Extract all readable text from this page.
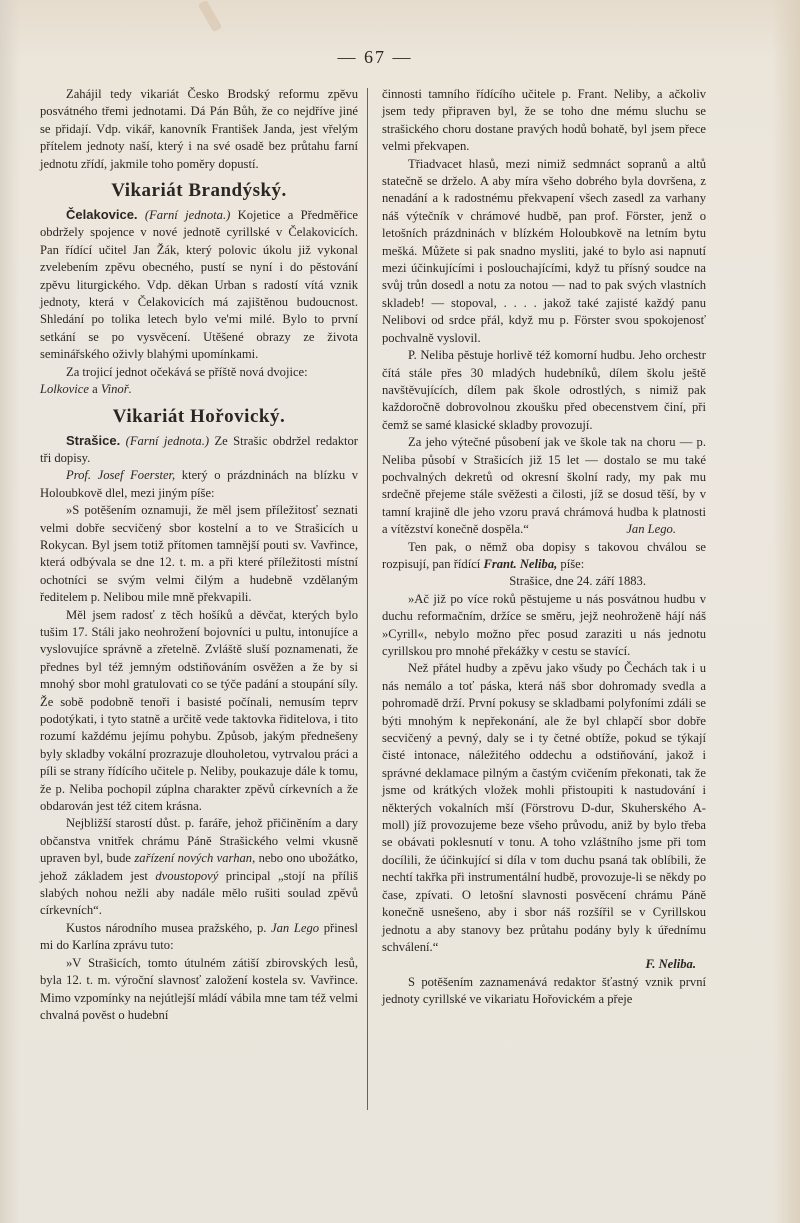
— 67 —

Zahájil tedy vikariát Česko Brodský reformu zpěvu posvátného třemi jednotami. Dá Pán Bůh, že co nejdříve jiné se přidají. Vdp. vikář, kanovník František Janda, jest vřelým přítelem jednoty naší, který i na své osadě bez průtahu farní jednotu zřídí, jakmile toho poměry dopustí.

Vikariát Brandýský.

Čelakovice. (Farní jednota.) Kojetice a Předměřice obdržely spojence v nové jednotě cyrillské v Čelakovicích. Pan řídící učitel Jan Žák, který polovic úkolu již vykonal zvelebením zpěvu obecného, pustí se nyní i do pěstování zpěvu liturgického. Vdp. děkan Urban s radostí vítá vznik jednoty, která v Čelakovicích má zajištěnou budoucnost. Shledání po tolika letech bylo ve'mi milé. Bylo to první setkání se po vysvěcení. Utěšené obrazy ze života seminářského oživly blahými upomínkami.

Za trojicí jednot očekává se příště nová dvojice:
Lolkovice a Vinoř.

Vikariát Hořovický.

Strašice. (Farní jednota.) Ze Strašic obdržel redaktor tři dopisy.

Prof. Josef Foerster, který o prázdninách na blízku v Holoubkově dlel, mezi jiným píše:

»S potěšením oznamuji, že měl jsem příležitosť seznati velmi dobře secvičený sbor kostelní a to ve Strašicích u Rokycan. Byl jsem totiž přítomen tamnější pouti sv. Vavřince, která odbývala se dne 12. t. m. a při které příležitosti místní ochotníci se svým velmi čilým a hudebně vzdělaným ředitelem p. Nelibou mile mně překvapili.

Měl jsem radosť z těch hošíků a děvčat, kterých bylo tušim 17. Stáli jako neohrožení bojovníci u pultu, intonujíce a vyslovujíce správně a zřetelně. Zvláště sluší poznamenati, že přednes byl též jemným odstiňováním osvěžen a že by si mnohý sbor mohl gratulovati co se týče padání a stoupání síly. Že sobě podobně tenoři i basisté počínali, nemusím teprv podotýkati, i tyto statně a určitě vede taktovka řiditelova, i tito rozumí každému jejímu pohybu. Způsob, jakým přednešeny byly skladby vokální prozrazuje dlouholetou, vytrvalou práci a píli se strany řídícího učitele p. Neliby, poukazuje dále k tomu, že p. Neliba pochopil zúplna charakter zpěvů církevních a že obdarován jest též citem krásna.

Nejbližší starostí důst. p. faráře, jehož přičiněním a dary občanstva vnitřek chrámu Páně Strašického velmi vkusně upraven byl, bude zařízení nových varhan, nebo ono ubožátko, jehož základem jest dvoustopový principal „stojí na příliš slabých nohou nežli aby nadále mělo rušiti soulad zpěvů církevních“.

Kustos národního musea pražského, p. Jan Lego přinesl mi do Karlína zprávu tuto:

»V Strašicích, tomto útulném zátiší zbirovských lesů, byla 12. t. m. výroční slavnosť založení kostela sv. Vavřince. Mimo vzpomínky na nejútlejší mládí vábila mne tam též velmi chvalná pověst o hudební

činnosti tamního řídícího učitele p. Frant. Neliby, a ačkoliv jsem tedy připraven byl, že se toho dne mému sluchu se strašického choru dostane pravých hodů bohatě, byl jsem přece velmi překvapen.

Třiadvacet hlasů, mezi nimiž sedmnáct sopranů a altů statečně se drželo. A aby míra všeho dobrého byla dovršena, z nenadání a k radostnému překvapení všech zasedl za varhany náš výtečník v chrámové hudbě, pan prof. Förster, jenž o letošních prázdninách v blízkém Holoubkově na letním bytu mešká. Můžete si pak snadno mysliti, jaké to bylo asi napnutí mezi účinkujícími i poslouchajícími, když tu přísný soudce na svůj trůn dosedl a notu za notou — nad to pak svých vlastních skladeb! — stopoval, . . . . jakož také zajisté každý panu Nelibovi od srdce přál, když mu p. Förster svou spokojenosť pochvalně vyslovil.

P. Neliba pěstuje horlivě též komorní hudbu. Jeho orchestr čítá stále přes 30 mladých hudebníků, dílem školu ještě navštěvujících, dílem pak škole odrostlých, s nimiž pak každoročně dobrovolnou zkoušku před obecenstvem činí, při čemž se samé klasické skladby provozují.

Za jeho výtečné působení jak ve škole tak na choru — p. Neliba působí v Strašicích již 15 let — dostalo se mu také pochvalných dekretů od okresní školní rady, my pak mu srdečně přejeme stále svěžesti a čilosti, jíž se dosud těší, by v tamní krajině dle jeho vzoru pravá chrámová hudba k platnosti a vítězství konečně dospěla.“	Jan Lego.

Ten pak, o němž oba dopisy s takovou chválou se rozpisují, pan řídící Frant. Neliba, píše:

Strašice, dne 24. září 1883.

»Ač již po více roků pěstujeme u nás posvátnou hudbu v duchu reformačním, držíce se směru, jejž neohroženě hájí náš »Cyrill«, nebylo možno přec posud zaraziti u nás jednotu cyrillskou pro mnohé překážky v cestu se stavící.

Než přátel hudby a zpěvu jako všudy po Čechách tak i u nás nemálo a toť páska, která náš sbor dohromady svedla a pohromadě drží. První pokusy se skladbami polyfoními zdáli se býti mnohým k nepřekonání, ale že byl chlapčí sbor dobře secvičený a pevný, daly se i ty četné obtíže, pokud se týkají čisté intonace, náležitého oddechu a odstiňování, jakož i správné deklamace pilným a častým cvičením překonati, tak že jsme od krátkých vložek mohli přistoupiti k nastudování i některých vokalních mší (Förstrovu D-dur, Skuherského A-moll) jíž provozujeme beze všeho průvodu, aniž by bylo třeba se obávati poklesnutí v tonu. A toho vzláštního jsme při tom docílili, že účinkující si díla v tom duchu psaná tak oblíbili, že nechtí takřka při instrumentální hudbě, provozuje-li se někdy po čase, zpívati. O letošní slavnosti posvěcení chrámu Páně konečně usnešeno, aby i sbor náš rozšířil se v Cyrillskou jednotu a aby stanovy bez průtahu podány byly k úřednímu schválení.“

F. Neliba.

S potěšením zaznamenává redaktor šťastný vznik první jednoty cyrillské ve vikariatu Hořovickém a přeje
